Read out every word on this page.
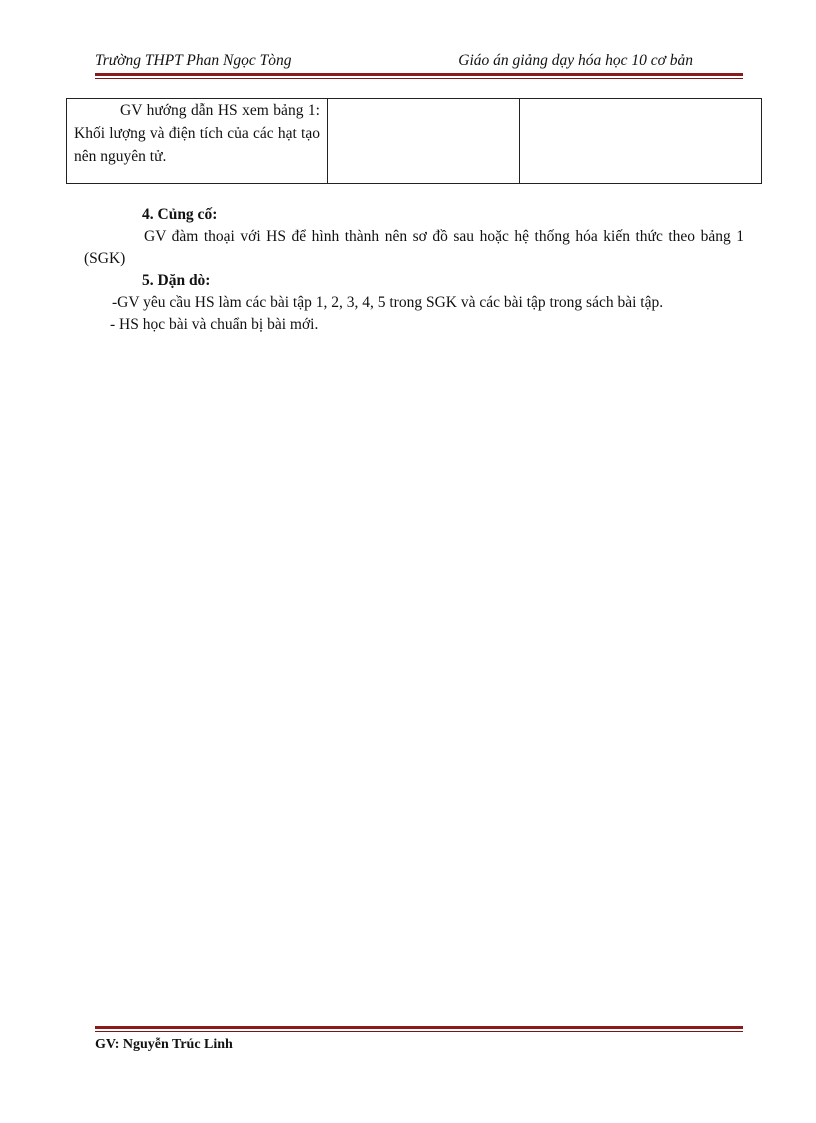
Trường THPT Phan Ngọc Tòng	Giáo án giảng dạy hóa học 10 cơ bản
GV hướng dẫn HS xem bảng 1: Khối lượng và điện tích của các hạt tạo nên nguyên tử.

4. Củng cố:
GV đàm thoại với HS để hình thành nên sơ đồ sau hoặc hệ thống hóa kiến thức theo bảng 1 (SGK)
5. Dặn dò:
-GV yêu cầu HS làm các bài tập 1, 2, 3, 4, 5 trong SGK và các bài tập trong sách bài tập.
- HS học bài và chuẩn bị bài mới.
GV: Nguyễn Trúc Linh
